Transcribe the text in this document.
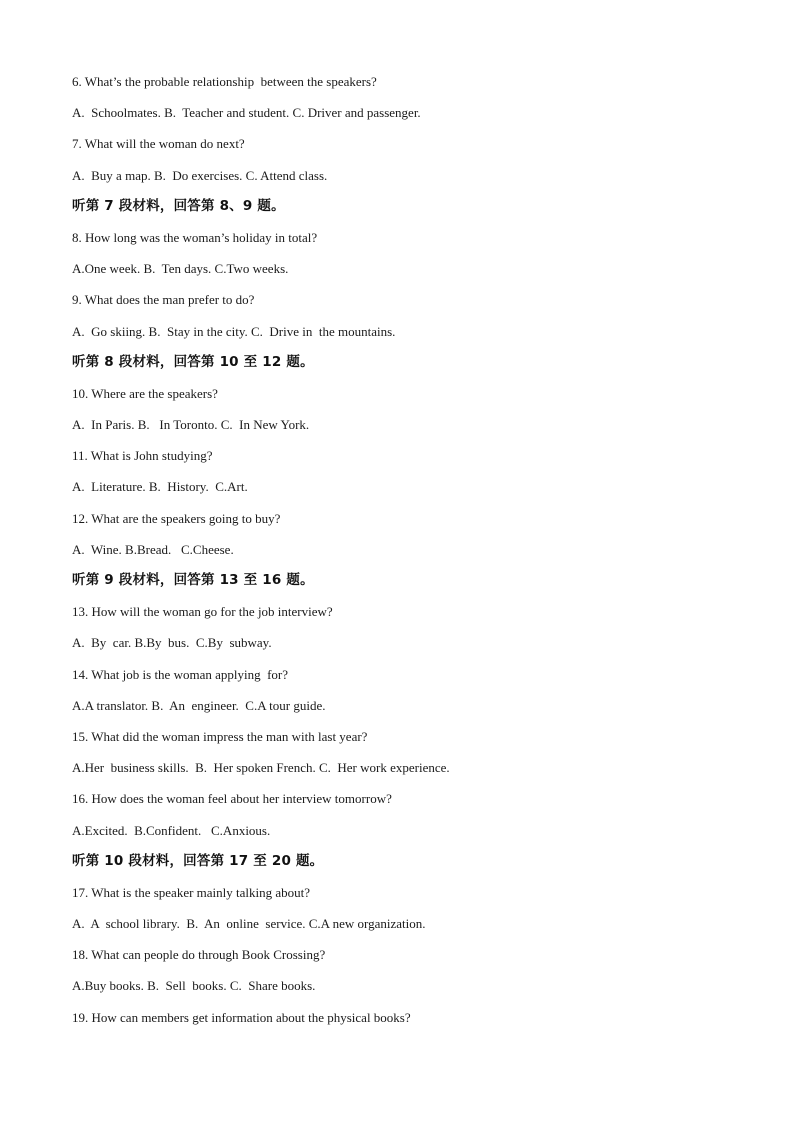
6. What’s the probable relationship  between the speakers?
A.  Schoolmates. B.  Teacher and student. C. Driver and passenger.
7. What will the woman do next?
A.  Buy a map. B.  Do exercises. C. Attend class.
听第 7 段材料，回答第 8、9 题。
8. How long was the woman’s holiday in total?
A.One week. B.  Ten days. C.Two weeks.
9. What does the man prefer to do?
A.  Go skiing. B.  Stay in the city. C.  Drive in  the mountains.
听第 8 段材料，回答第 10 至 12 题。
10. Where are the speakers?
A.  In Paris. B.   In Toronto. C.  In New York.
11. What is John studying?
A.  Literature. B.  History.  C.Art.
12. What are the speakers going to buy?
A.  Wine. B.Bread.   C.Cheese.
听第 9 段材料，回答第 13 至 16 题。
13. How will the woman go for the job interview?
A.  By  car. B.By  bus.  C.By  subway.
14. What job is the woman applying  for?
A.A translator. B.  An  engineer.  C.A tour guide.
15. What did the woman impress the man with last year?
A.Her  business skills.  B.  Her spoken French. C.  Her work experience.
16. How does the woman feel about her interview tomorrow?
A.Excited.  B.Confident.   C.Anxious.
听第 10 段材料，回答第 17 至 20 题。
17. What is the speaker mainly talking about?
A.  A  school library.  B.  An  online  service. C.A new organization.
18. What can people do through Book Crossing?
A.Buy books. B.  Sell  books. C.  Share books.
19. How can members get information about the physical books?
